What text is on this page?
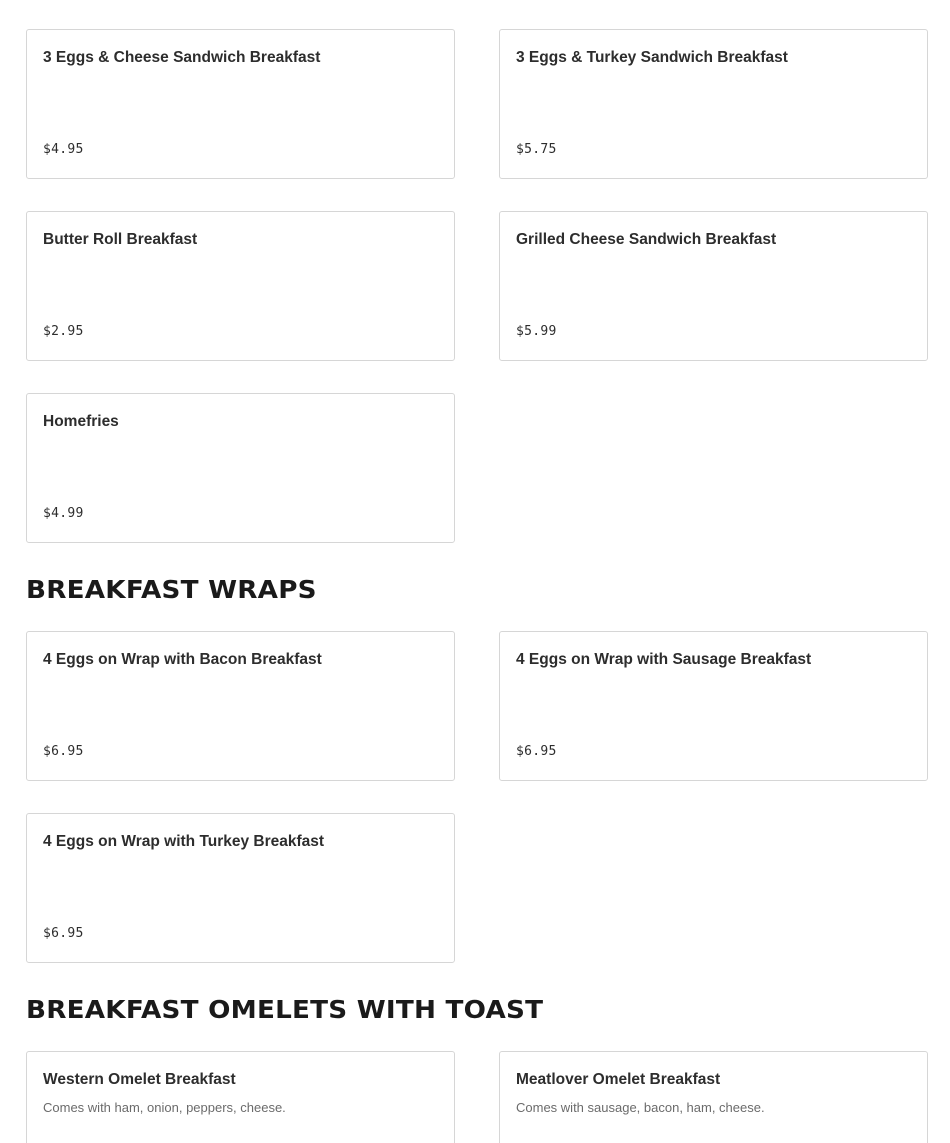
3 Eggs & Cheese Sandwich Breakfast
$4.95
3 Eggs & Turkey Sandwich Breakfast
$5.75
Butter Roll Breakfast
$2.95
Grilled Cheese Sandwich Breakfast
$5.99
Homefries
$4.99
BREAKFAST WRAPS
4 Eggs on Wrap with Bacon Breakfast
$6.95
4 Eggs on Wrap with Sausage Breakfast
$6.95
4 Eggs on Wrap with Turkey Breakfast
$6.95
BREAKFAST OMELETS WITH TOAST
Western Omelet Breakfast
Comes with ham, onion, peppers, cheese.
Meatlover Omelet Breakfast
Comes with sausage, bacon, ham, cheese.
